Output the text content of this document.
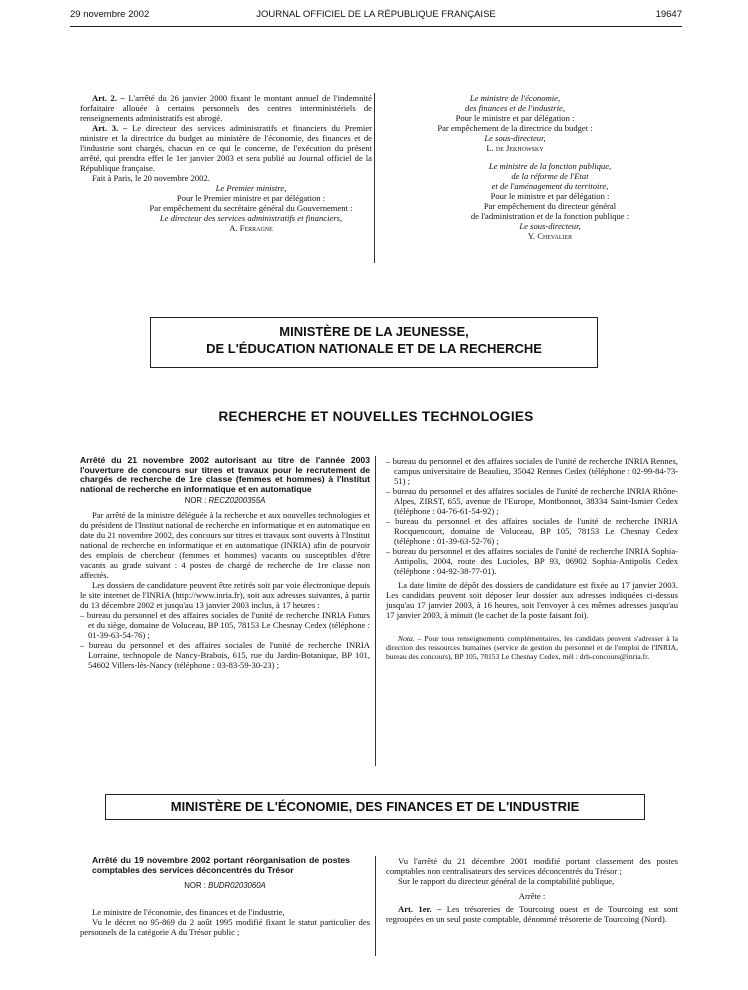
29 novembre 2002	JOURNAL OFFICIEL DE LA RÉPUBLIQUE FRANÇAISE	19647

Art. 2. – L'arrêté du 26 janvier 2000 fixant le montant annuel de l'indemnité forfaitaire allouée à certains personnels des centres interministériels de renseignements administratifs est abrogé.

Art. 3. – Le directeur des services administratifs et financiers du Premier ministre et la directrice du budget au ministère de l'économie, des finances et de l'industrie sont chargés, chacun en ce qui le concerne, de l'exécution du présent arrêté, qui prendra effet le 1er janvier 2003 et sera publié au Journal officiel de la République française.

Fait à Paris, le 20 novembre 2002.

Le Premier ministre,
Pour le Premier ministre et par délégation :
Par empêchement du secrétaire général du Gouvernement :
Le directeur des services administratifs et financiers,
A. Ferragne
Le ministre de l'économie,
des finances et de l'industrie,
Pour le ministre et par délégation :
Par empêchement de la directrice du budget :
Le sous-directeur,
L. de Jekhowsky
Le ministre de la fonction publique,
de la réforme de l'Etat
et de l'aménagement du territoire,
Pour le ministre et par délégation :
Par empêchement du directeur général
de l'administration et de la fonction publique :
Le sous-directeur,
Y. Chevalier
MINISTÈRE DE LA JEUNESSE,
DE L'ÉDUCATION NATIONALE ET DE LA RECHERCHE
RECHERCHE ET NOUVELLES TECHNOLOGIES
Arrêté du 21 novembre 2002 autorisant au titre de l'année 2003 l'ouverture de concours sur titres et travaux pour le recrutement de chargés de recherche de 1re classe (femmes et hommes) à l'Institut national de recherche en informatique et en automatique
NOR : RECZ0200355A

Par arrêté de la ministre déléguée à la recherche et aux nouvelles technologies et du président de l'Institut national de recherche en informatique et en automatique en date du 21 novembre 2002, des concours sur titres et travaux sont ouverts à l'Institut national de recherche en informatique et en automatique (INRIA) afin de pourvoir des emplois de chercheur (femmes et hommes) vacants ou susceptibles d'être vacants au grade suivant : 4 postes de chargé de recherche de 1re classe non affectés.

Les dossiers de candidature peuvent être retirés soit par voie électronique depuis le site internet de l'INRIA (http://www.inria.fr), soit aux adresses suivantes, à partir du 13 décembre 2002 et jusqu'au 13 janvier 2003 inclus, à 17 heures :

– bureau du personnel et des affaires sociales de l'unité de recherche INRIA Futurs et du siège, domaine de Voluceau, BP 105, 78153 Le Chesnay Cedex (téléphone : 01-39-63-54-76) ;
– bureau du personnel et des affaires sociales de l'unité de recherche INRIA Lorraine, technopole de Nancy-Brabois, 615, rue du Jardin-Botanique, BP 101, 54602 Villers-lès-Nancy (téléphone : 03-83-59-30-23) ;
– bureau du personnel et des affaires sociales de l'unité de recherche INRIA Rennes, campus universitaire de Beaulieu, 35042 Rennes Cedex (téléphone : 02-99-84-73-51) ;
– bureau du personnel et des affaires sociales de l'unité de recherche INRIA Rhône-Alpes, ZIRST, 655, avenue de l'Europe, Montbonnot, 38334 Saint-Ismier Cedex (téléphone : 04-76-61-54-92) ;
– bureau du personnel et des affaires sociales de l'unité de recherche INRIA Rocquencourt, domaine de Voluceau, BP 105, 78153 Le Chesnay Cedex (téléphone : 01-39-63-52-76) ;
– bureau du personnel et des affaires sociales de l'unité de recherche INRIA Sophia-Antipolis, 2004, route des Lucioles, BP 93, 06902 Sophia-Antipolis Cedex (téléphone : 04-92-38-77-01).

La date limite de dépôt des dossiers de candidature est fixée au 17 janvier 2003. Les candidats peuvent soit déposer leur dossier aux adresses indiquées ci-dessus jusqu'au 17 janvier 2003, à 16 heures, soit l'envoyer à ces mêmes adresses jusqu'au 17 janvier 2003, à minuit (le cachet de la poste faisant foi).

Nota. – Pour tous renseignements complémentaires, les candidats peuvent s'adresser à la direction des ressources humaines (service de gestion du personnel et de l'emploi de l'INRIA, bureau des concours), BP 105, 78153 Le Chesnay Cedex, mél : drh-concours@inria.fr.

MINISTÈRE DE L'ÉCONOMIE, DES FINANCES ET DE L'INDUSTRIE
Arrêté du 19 novembre 2002 portant réorganisation de postes comptables des services déconcentrés du Trésor
NOR : BUDR0203060A

Le ministre de l'économie, des finances et de l'industrie,

Vu le décret no 95-869 du 2 août 1995 modifié fixant le statut particulier des personnels de la catégorie A du Trésor public ;

Vu l'arrêté du 21 décembre 2001 modifié portant classement des postes comptables non centralisateurs des services déconcentrés du Trésor ;

Sur le rapport du directeur général de la comptabilité publique,

Arrête :

Art. 1er. – Les trésoreries de Tourcoing ouest et de Tourcoing est sont regroupées en un seul poste comptable, dénommé trésorerie de Tourcoing (Nord).
